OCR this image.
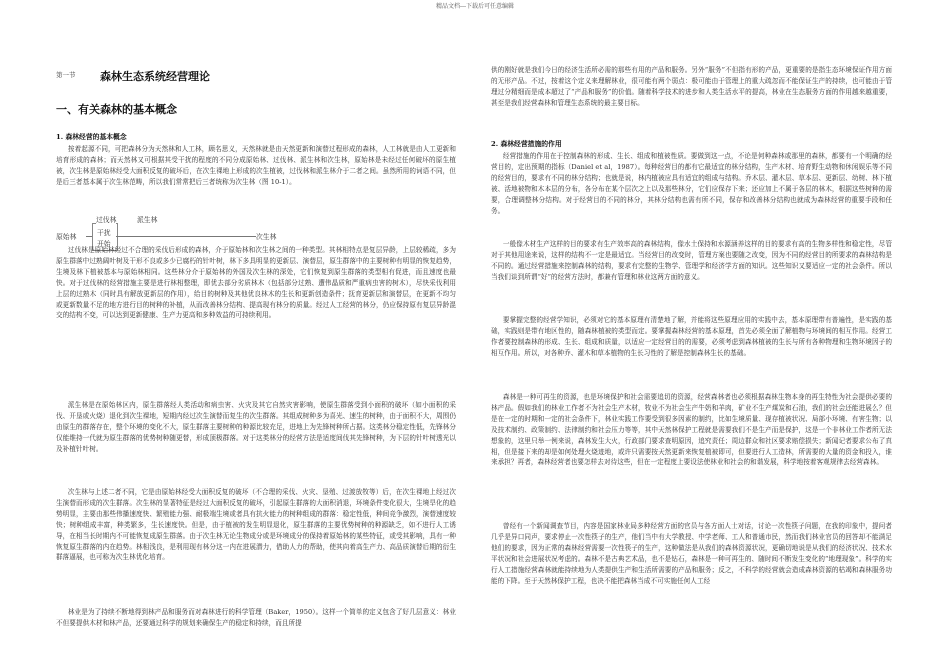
精品文档---下载后可任意编辑
第一节 森林生态系统经营理论
一、有关森林的基本概念
1. 森林经营的基本概念
按着起源不同，可把森林分为天然林和人工林，顾名思义，天然林就是由天然更新和演替过程形成的森林，人工林就是由人工更新和培育形成的森林；而天然林又可根据其受干扰的程度的不同分成原始林、过伐林、派生林和次生林，原始林是未经过任何破坏的原生植被，次生林是原始林经受大面积反复的破坏后，在次生裸地上形成的次生植被，过伐林和派生林介于二者之间。虽然所用的词语不同，但是后三者基本属于次生林范畴，所以我们常常把后三者统称为次生林（图 10-1）。
过伐林	派生林
原始林	干扰
开始
次生林
过伐林是原始林经过不合理的采伐后形成的森林，介于原始林和次生林之间的一种类型。其林相特点是复层异龄，上层较稀疏，多为原生群落中过熟阔叶树及干形不良或多少已腐朽的针叶树，林下多具明显的更新层、演替层，原生群落中的主要树种有明显的恢复趋势，生境及林下植被基本与原始林相同。这些林分介于原始林的外国及次生林的深处，它们恢复到原生群落的类型相有促进，而且速度也最快。对于过伐林的经营措施主要是进行林相整理，即优去部分劣质林木（包括部分过熟、遭伟晶质和严重病虫害的树木），尽快采伐利用上层的过熟木（同时具有解放更新层的作用），给目的树种及其他优良林木的生长和更新创造条件；抚育更新层和演替层，在更新不均匀或更新数量不足的地方进行目的树种的补植，从而改善林分结构、提高现有林分的质量。经过人工经营的林分，仍应保持原有复层异龄混交的结构不变，可以达到更新健康、生产力更高和多种效益的可持续利用。
派生林是在原始林区内，原生群落经人类活动和病虫害、火灾及其它自然灾害影响，使原生群落受到小面积的破坏（如小面积的采伐、开垦或火烧）退化到次生裸地，短期内经过次生演替而复生的次生群落。其组成树种多为喜光、速生的树种，由于面积不大，周围仍由原生的群落存在，整个环境的变化不大，原生群落主要树种的种源比较充足，进地上为先锋树种所占据。这类林分稳定性低，先锋林分仅能维持一代就为原生群落的优势树种随更替，形成顶极群落。对于这类林分的经营方法是适度间伐其先锋树种，为下层的针叶树透光以及补植针叶树。
次生林与上述二者不同，它是由原始林经受大面积反复的破坏（不合理的采伐、火灾、垦殖、过渡放牧等）后，在次生裸地上经过次生演替而形成的次生群落。次生林的显著特征是经过大面积反复的破坏，引起原生群落的大面积消退，环境条件变化很大，生境旱化的趋势明显，主要由那些伟播速度快、繁殖能力强、耐极端生境或者具有抗火能力的树种组成的群落：稳定性低，种间竞争激烈，演替速度较快；树种组成丰富，种类繁多，生长速度快。但是，由于植被的发生明显退化，原生群落的主要优势树种的种源缺乏，如不进行人工诱导，在相当长时期内不可能恢复成原生群落。由于次生林无论生物成分或是环境成分的保持着原始林的某些特征，或受其影响，具有一种恢复原生群落的内在趋势。林相浅良，是利用现有林分这一内在进展潜力，借助人力的帮助，使其向着高生产力、高品质演替后期的衍生群落逼展，也可称为次生林优化培育。
林业是为了持续不断地得到林产品和服务而对森林进行的科学管理（Baker，1950）。这样一个简单的定义包含了好几层意义：林业不但要提供木材和林产品，还要通过科学的规划来确保生产的稳定和持续，而且所提
供的刚好就是我们今日的经济生活所必需的那些有用的产品和服务。另外“服务”不但指有形的产品，更重要的是指生态环境保证作用方面的无形产品。不过，按着这个定义来理解林业，很可能有两个弱点：极可能由于管理上的重大疏忽而不能保证生产的持续，也可能由于管理过分精细而是成本超过了“产品和服务”的价值。随着科学技术的进步和人类生活水平的提高，林业在生态服务方面的作用越来越重要，甚至是我们经营森林和管理生态系统的最主要目标。
2. 森林经营措施的作用
经营措施的作用在于控制森林的形成、生长、组成和植被性质。要做到这一点，不论是何种森林或那里的森林，都要有一个明确的经营目的，定出预期的指标（Daniel et al，1987）。每种经营目的都有它最适宜的林分结构，生产木材、培育野生动物和休闲娱乐等不同的经营目的，要求有不同的林分结构；也就是说，林内植被应具有适宜的组成与结构。乔木层、灌木层、草本层、更新层、幼树、林下植被、活地被物和木本层的分布，各分布在某个层次之上以及那些林分，它们应保存下来；还应加上不属于各层的林木，根据这些树种的需要，合理调整林分结构。对于经营目的不同的林分，其林分结构也需有所不同，保存和改善林分结构也就成为森林经营的重要手段和任务。
一般像木材生产这样的目的要求有生产效率高的森林结构，像水土保持和水源涵养这样的目的要求有高的生物多样性和稳定性，尽管对于其他用途来说，这样的结构不一定是最适宜。当经营目的改变时，管理方案也要随之改变，因为不同的经营目的所要求的森林结构是不同的。通过经营措施来控制森林的结构，要求有完整的生物学、管理学和经济学方面的知识。这些知识又要适应一定的社会条件。所以当我们谈到所谓“好”的经营方法时，都兼有管理和林业这两方面的意义。
要掌握完整的经营学知识，必须对它的基本原理有清楚地了解，并能将这些原理应用的实践中去，基本原理带有普遍性，是实践的基础，实践则是带有地区性的，随森林植被的类型而定。要掌握森林经营的基本原理，首先必须全面了解植物与环境间的相互作用。经营工作者要控制森林的形成、生长、组成和质量，以适应一定经营目的的需要，必须考虑到森林植被的生长与所有各种物理和生物环境因子的相互作用。所以，对各种乔、灌木和草本植物的生长习性的了解是控制森林生长的基础。
森林是一种可再生的资源，也是环境保护和社会需要追切的资源，经营森林者也必须根据森林生物本身的再生特性为社会提供必要的林产品。假如我们的林业工作者不为社会生产木材，牧业不为社会生产牛奶和羊肉，矿业不生产煤炭和石油，我们的社会还能进展么？但是在一定的时期和一定的社会条件下，林业实践工作要受到很多因素的制约，比如生境质量、现存植被状况、局部小环境、有害生物；以及技术制约、政策制约、法律制约和社会压力等等，其中天然林保护工程就是需要我们不是生产而是保护，这是一个非林业工作者所无法想象的，这里只举一例来说，森林发生大火，行政部门要求查明原因，追究责任；周边群众和社区要求赔偿损失；新闻记者要求公布了真相，但是接下来的却是如何处理火烧迹地，或许只需要按天然更新来恢复植被即可，但要进行人工造林，所需要的大量的资金和投入，谁来承担？再者，森林经营者也要怎样去对待这些，但在一定程度上要设法使林业和社会的和谐发展，科学地按着客观规律去经营森林。
曾经有一个新闻调查节目，内容是国家林业局多种经营方面的官员与各方面人士对话，讨论一次性筷子问题，在我的印象中，提问者几乎是异口同声，要求停止一次性筷子的生产，他们当中有大学教授、中学老师、工人和普通市民，然而我们林业官员的回答却不能满足他们的要求，因为正常的森林经营需要一次性筷子的生产，这种做法是从我们的森林资源状况，更确切地说是从我们的经济状况、技术水平状况和社会进展状况考虑的。森林不是古典艺术品，也不是钻石，森林是一种可再生的、随时间不断发生变化的“地理现象”。科学的实行人工措施经营森林就能持续地为人类提供生产和生活所需要的产品和服务；反之，不科学的经营就会造成森林资源的枯竭和森林服务功能的下降。至于天然林保护工程，也决不能把森林当成不可实施任何人工经
